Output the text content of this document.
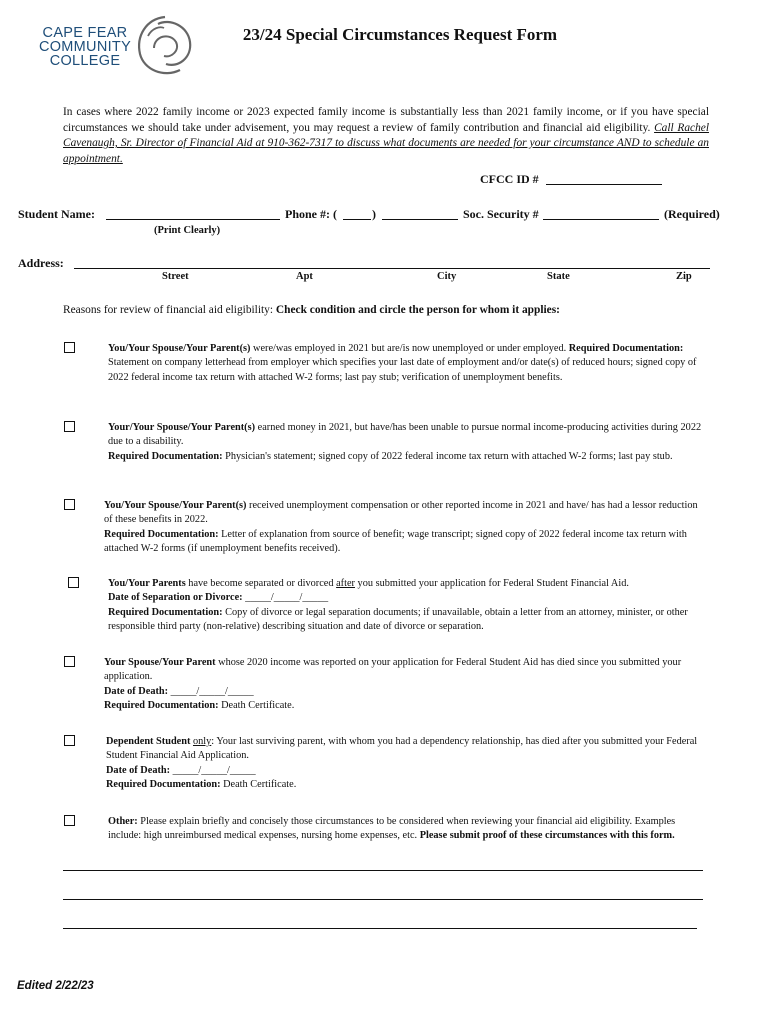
CAPE FEAR
COMMUNITY
COLLEGE
23/24 Special Circumstances Request Form
In cases where 2022 family income or 2023 expected family income is substantially less than 2021 family income, or if you have special circumstances we should take under advisement, you may request a review of family contribution and financial aid eligibility. Call Rachel Cavenaugh, Sr. Director of Financial Aid at 910-362-7317 to discuss what documents are needed for your circumstance AND to schedule an appointment.
CFCC ID #
Student Name:	Phone #: (	)	Soc. Security #	(Required)
(Print Clearly)
Address:
Street	Apt	City	State	Zip
Reasons for review of financial aid eligibility: Check condition and circle the person for whom it applies:
You/Your Spouse/Your Parent(s) were/was employed in 2021 but are/is now unemployed or under employed. Required Documentation: Statement on company letterhead from employer which specifies your last date of employment and/or date(s) of reduced hours; signed copy of 2022 federal income tax return with attached W-2 forms; last pay stub; verification of unemployment benefits.
Your/Your Spouse/Your Parent(s) earned money in 2021, but have/has been unable to pursue normal income-producing activities during 2022 due to a disability.
Required Documentation: Physician's statement; signed copy of 2022 federal income tax return with attached W-2 forms; last pay stub.
You/Your Spouse/Your Parent(s) received unemployment compensation or other reported income in 2021 and have/ has had a lessor reduction of these benefits in 2022.
Required Documentation: Letter of explanation from source of benefit; wage transcript; signed copy of 2022 federal income tax return with attached W-2 forms (if unemployment benefits received).
You/Your Parents have become separated or divorced after you submitted your application for Federal Student Financial Aid.
Date of Separation or Divorce: _____/_____/_____
Required Documentation: Copy of divorce or legal separation documents; if unavailable, obtain a letter from an attorney, minister, or other responsible third party (non-relative) describing situation and date of divorce or separation.
Your Spouse/Your Parent whose 2020 income was reported on your application for Federal Student Aid has died since you submitted your application.
Date of Death: _____/_____/_____
Required Documentation: Death Certificate.
Dependent Student only: Your last surviving parent, with whom you had a dependency relationship, has died after you submitted your Federal Student Financial Aid Application.
Date of Death: _____/_____/_____
Required Documentation: Death Certificate.
Other: Please explain briefly and concisely those circumstances to be considered when reviewing your financial aid eligibility. Examples include: high unreimbursed medical expenses, nursing home expenses, etc. Please submit proof of these circumstances with this form.
Edited 2/22/23
